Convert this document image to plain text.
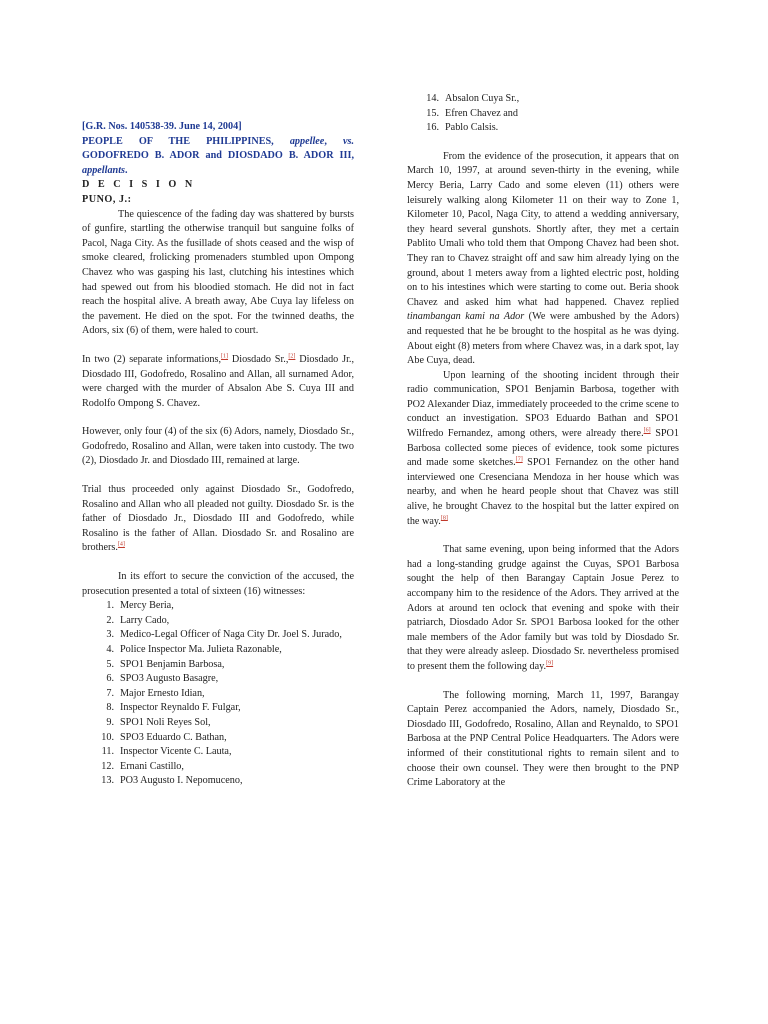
[G.R. Nos. 140538-39. June 14, 2004]

PEOPLE OF THE PHILIPPINES, appellee, vs. GODOFREDO B. ADOR and DIOSDADO B. ADOR III, appellants.

D E C I S I O N

PUNO, J.:

The quiescence of the fading day was shattered by bursts of gunfire, startling the otherwise tranquil but sanguine folks of Pacol, Naga City. As the fusillade of shots ceased and the wisp of smoke cleared, frolicking promenaders stumbled upon Ompong Chavez who was gasping his last, clutching his intestines which had spewed out from his bloodied stomach. He did not in fact reach the hospital alive. A breath away, Abe Cuya lay lifeless on the pavement. He died on the spot. For the twinned deaths, the Adors, six (6) of them, were haled to court.

In two (2) separate informations,[1] Diosdado Sr.,[2] Diosdado Jr., Diosdado III, Godofredo, Rosalino and Allan, all surnamed Ador, were charged with the murder of Absalon Abe S. Cuya III and Rodolfo Ompong S. Chavez.

However, only four (4) of the six (6) Adors, namely, Diosdado Sr., Godofredo, Rosalino and Allan, were taken into custody. The two (2), Diosdado Jr. and Diosdado III, remained at large.

Trial thus proceeded only against Diosdado Sr., Godofredo, Rosalino and Allan who all pleaded not guilty. Diosdado Sr. is the father of Diosdado Jr., Diosdado III and Godofredo, while Rosalino is the father of Allan. Diosdado Sr. and Rosalino are brothers.[4]

In its effort to secure the conviction of the accused, the prosecution presented a total of sixteen (16) witnesses:

1. Mercy Beria,
2. Larry Cado,
3. Medico-Legal Officer of Naga City Dr. Joel S. Jurado,
4. Police Inspector Ma. Julieta Razonable,
5. SPO1 Benjamin Barbosa,
6. SPO3 Augusto Basagre,
7. Major Ernesto Idian,
8. Inspector Reynaldo F. Fulgar,
9. SPO1 Noli Reyes Sol,
10. SPO3 Eduardo C. Bathan,
11. Inspector Vicente C. Lauta,
12. Ernani Castillo,
13. PO3 Augusto I. Nepomuceno,
14. Absalon Cuya Sr.,
15. Efren Chavez and
16. Pablo Calsis.

From the evidence of the prosecution, it appears that on March 10, 1997, at around seven-thirty in the evening, while Mercy Beria, Larry Cado and some eleven (11) others were leisurely walking along Kilometer 11 on their way to Zone 1, Kilometer 10, Pacol, Naga City, to attend a wedding anniversary, they heard several gunshots. Shortly after, they met a certain Pablito Umali who told them that Ompong Chavez had been shot. They ran to Chavez straight off and saw him already lying on the ground, about 1 meters away from a lighted electric post, holding on to his intestines which were starting to come out. Beria shook Chavez and asked him what had happened. Chavez replied tinambangan kami na Ador (We were ambushed by the Adors) and requested that he be brought to the hospital as he was dying. About eight (8) meters from where Chavez was, in a dark spot, lay Abe Cuya, dead.

Upon learning of the shooting incident through their radio communication, SPO1 Benjamin Barbosa, together with PO2 Alexander Diaz, immediately proceeded to the crime scene to conduct an investigation. SPO3 Eduardo Bathan and SPO1 Wilfredo Fernandez, among others, were already there.[6] SPO1 Barbosa collected some pieces of evidence, took some pictures and made some sketches.[7] SPO1 Fernandez on the other hand interviewed one Cresenciana Mendoza in her house which was nearby, and when he heard people shout that Chavez was still alive, he brought Chavez to the hospital but the latter expired on the way.[8]

That same evening, upon being informed that the Adors had a long-standing grudge against the Cuyas, SPO1 Barbosa sought the help of then Barangay Captain Josue Perez to accompany him to the residence of the Adors. They arrived at the Adors at around ten oclock that evening and spoke with their patriarch, Diosdado Ador Sr. SPO1 Barbosa looked for the other male members of the Ador family but was told by Diosdado Sr. that they were already asleep. Diosdado Sr. nevertheless promised to present them the following day.[9]

The following morning, March 11, 1997, Barangay Captain Perez accompanied the Adors, namely, Diosdado Sr., Diosdado III, Godofredo, Rosalino, Allan and Reynaldo, to SPO1 Barbosa at the PNP Central Police Headquarters. The Adors were informed of their constitutional rights to remain silent and to choose their own counsel. They were then brought to the PNP Crime Laboratory at the
